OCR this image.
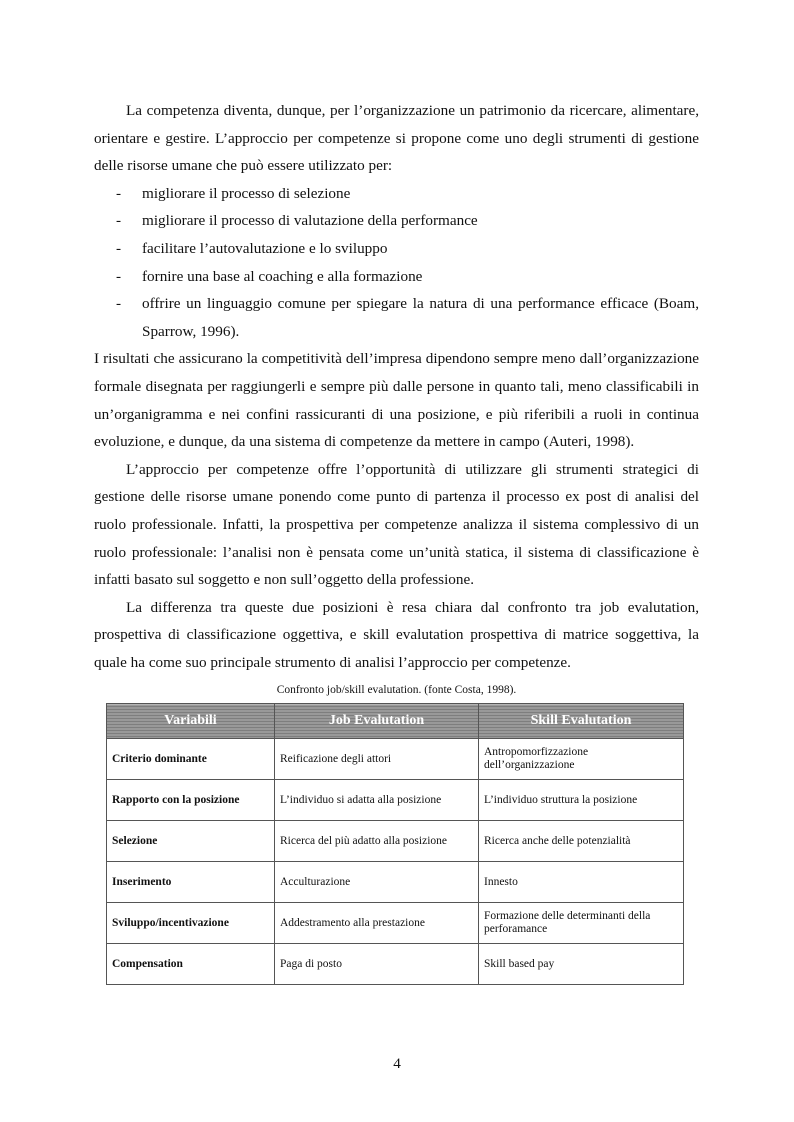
La competenza diventa, dunque, per l’organizzazione un patrimonio da ricercare, alimentare, orientare e gestire. L’approccio per competenze si propone come uno degli strumenti di gestione delle risorse umane che può essere utilizzato per:

- migliorare il processo di selezione
- migliorare il processo di valutazione della performance
- facilitare l’autovalutazione e lo sviluppo
- fornire una base al coaching e alla formazione
- offrire un linguaggio comune per spiegare la natura di una performance efficace (Boam, Sparrow, 1996).

I risultati che assicurano la competitività dell’impresa dipendono sempre meno dall’organizzazione formale disegnata per raggiungerli e sempre più dalle persone in quanto tali, meno classificabili in un’organigramma e nei confini rassicuranti di una posizione, e più riferibili a ruoli in continua evoluzione, e dunque, da una sistema di competenze da mettere in campo (Auteri, 1998).

L’approccio per competenze offre l’opportunità di utilizzare gli strumenti strategici di gestione delle risorse umane ponendo come punto di partenza il processo ex post di analisi del ruolo professionale. Infatti, la prospettiva per competenze analizza il sistema complessivo di un ruolo professionale: l’analisi non è pensata come un’unità statica, il sistema di classificazione è infatti basato sul soggetto e non sull’oggetto della professione.

La differenza tra queste due posizioni è resa chiara dal confronto tra job evalutation, prospettiva di classificazione oggettiva, e skill evalutation prospettiva di matrice soggettiva, la quale ha come suo principale strumento di analisi l’approccio per competenze.

Confronto job/skill evalutation. (fonte Costa, 1998).
Variabili	Job Evalutation	Skill Evalutation
Criterio dominante	Reificazione degli attori	Antropomorfizzazione dell’organizzazione
Rapporto con la posizione	L’individuo si adatta alla posizione	L’individuo struttura la posizione
Selezione	Ricerca del più adatto alla posizione	Ricerca anche delle potenzialità
Inserimento	Acculturazione	Innesto
Sviluppo/incentivazione	Addestramento alla prestazione	Formazione delle determinanti della perforamance
Compensation	Paga di posto	Skill based pay
4
